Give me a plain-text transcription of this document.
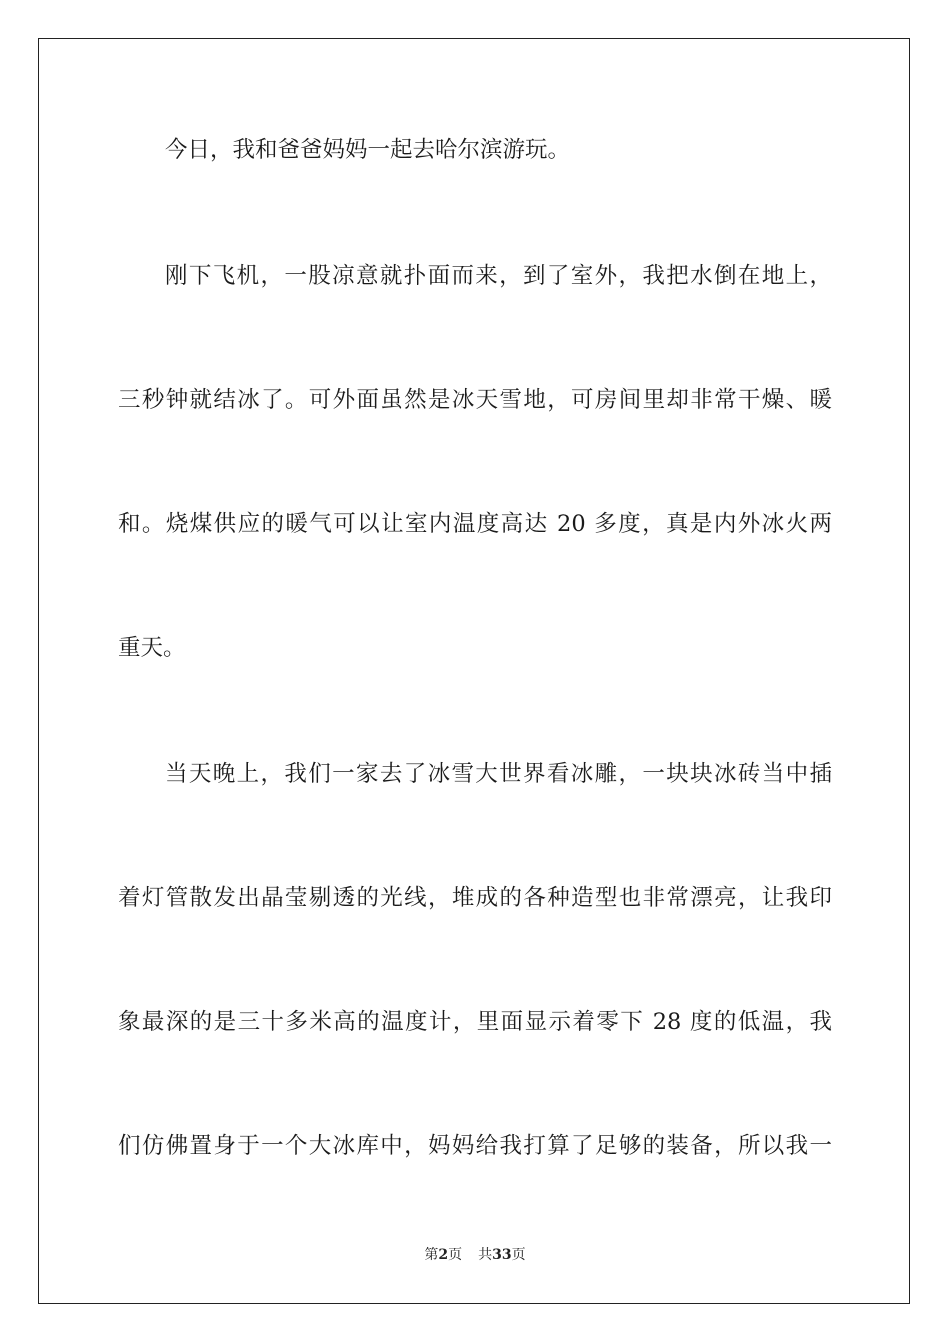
今日，我和爸爸妈妈一起去哈尔滨游玩。
刚下飞机，一股凉意就扑面而来，到了室外，我把水倒在地上，
三秒钟就结冰了。可外面虽然是冰天雪地，可房间里却非常干燥、暖
和。烧煤供应的暖气可以让室内温度高达 20 多度，真是内外冰火两
重天。
当天晚上，我们一家去了冰雪大世界看冰雕，一块块冰砖当中插
着灯管散发出晶莹剔透的光线，堆成的各种造型也非常漂亮，让我印
象最深的是三十多米高的温度计，里面显示着零下 28 度的低温，我
们仿佛置身于一个大冰库中，妈妈给我打算了足够的装备，所以我一
第2页 共33页
